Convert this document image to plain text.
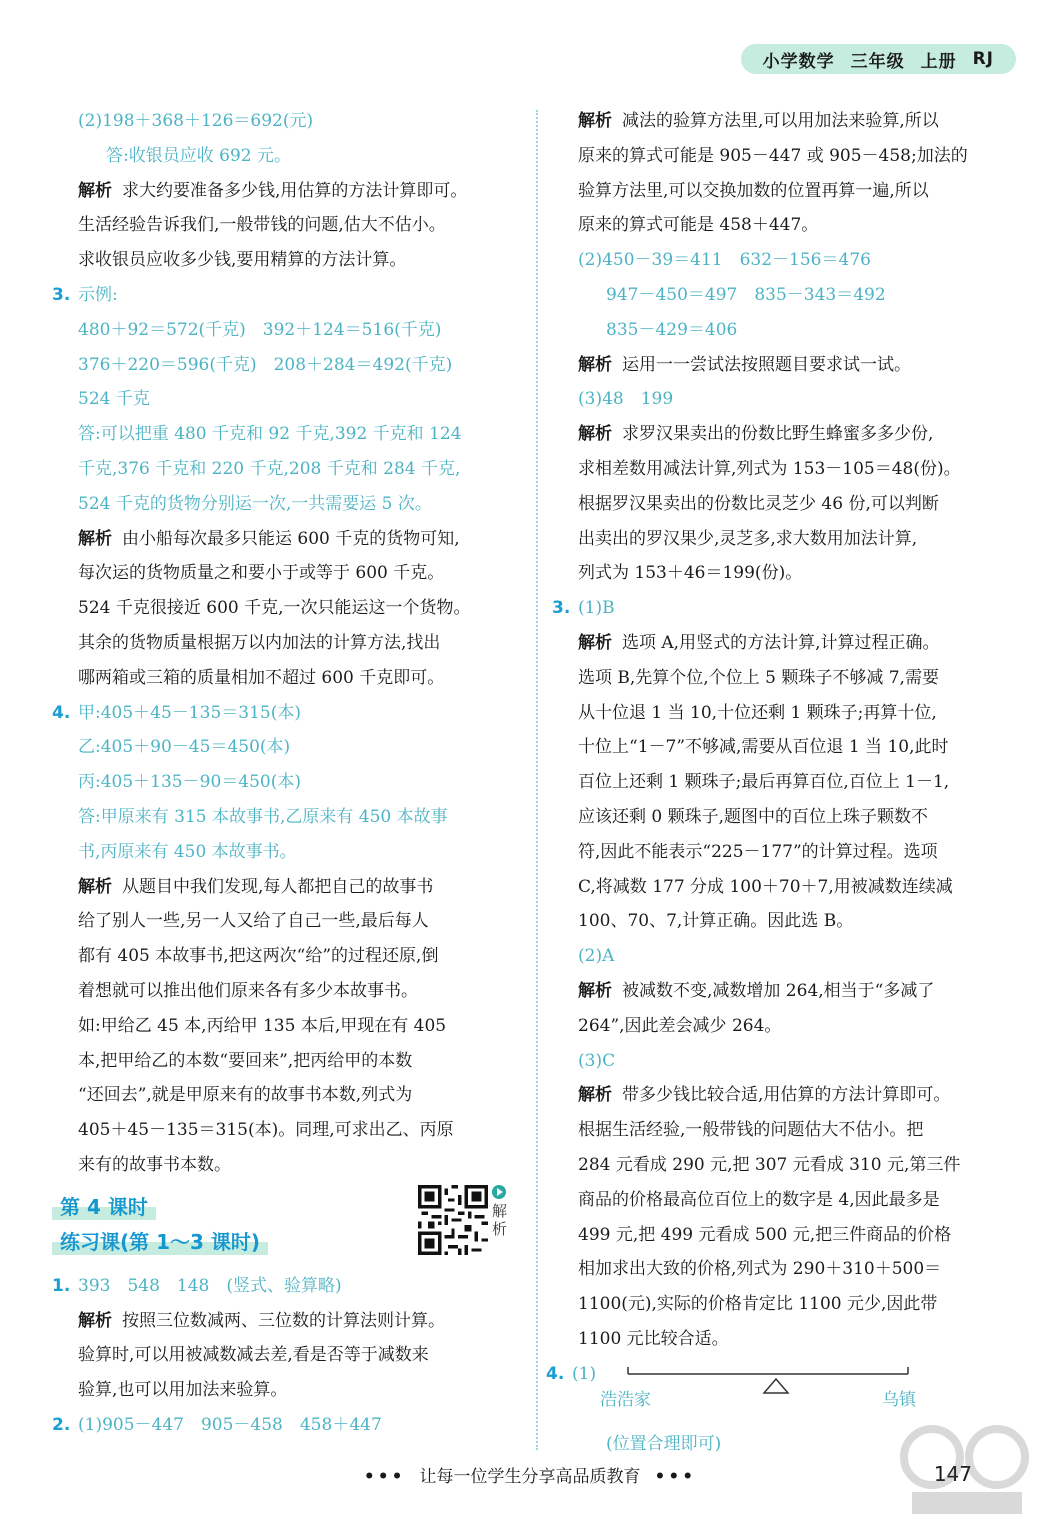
小学数学 三年级 上册 RJ
(2)198＋368＋126＝692(元)
答:收银员应收 692 元。
解析 求大约要准备多少钱,用估算的方法计算即可。
生活经验告诉我们,一般带钱的问题,估大不估小。
求收银员应收多少钱,要用精算的方法计算。
3. 示例:
480＋92＝572(千克)　392＋124＝516(千克)
376＋220＝596(千克)　208＋284＝492(千克)
524 千克
答:可以把重 480 千克和 92 千克,392 千克和 124
千克,376 千克和 220 千克,208 千克和 284 千克,
524 千克的货物分别运一次,一共需要运 5 次。
解析 由小船每次最多只能运 600 千克的货物可知,
每次运的货物质量之和要小于或等于 600 千克。
524 千克很接近 600 千克,一次只能运这一个货物。
其余的货物质量根据万以内加法的计算方法,找出
哪两箱或三箱的质量相加不超过 600 千克即可。
4. 甲:405＋45－135＝315(本)
乙:405＋90－45＝450(本)
丙:405＋135－90＝450(本)
答:甲原来有 315 本故事书,乙原来有 450 本故事
书,丙原来有 450 本故事书。
解析 从题目中我们发现,每人都把自己的故事书
给了别人一些,另一人又给了自己一些,最后每人
都有 405 本故事书,把这两次“给”的过程还原,倒
着想就可以推出他们原来各有多少本故事书。
如:甲给乙 45 本,丙给甲 135 本后,甲现在有 405
本,把甲给乙的本数“要回来”,把丙给甲的本数
“还回去”,就是甲原来有的故事书本数,列式为
405＋45－135＝315(本)。同理,可求出乙、丙原
来有的故事书本数。
第 4 课时
练习课(第 1～3 课时)
解析
1. 393　548　148　(竖式、验算略)
解析 按照三位数减两、三位数的计算法则计算。
验算时,可以用被减数减去差,看是否等于减数来
验算,也可以用加法来验算。
2. (1)905－447　905－458　458＋447
解析 减法的验算方法里,可以用加法来验算,所以
原来的算式可能是 905－447 或 905－458;加法的
验算方法里,可以交换加数的位置再算一遍,所以
原来的算式可能是 458＋447。
(2)450－39＝411　632－156＝476
947－450＝497　835－343＝492
835－429＝406
解析 运用一一尝试法按照题目要求试一试。
(3)48　199
解析 求罗汉果卖出的份数比野生蜂蜜多多少份,
求相差数用减法计算,列式为 153－105＝48(份)。
根据罗汉果卖出的份数比灵芝少 46 份,可以判断
出卖出的罗汉果少,灵芝多,求大数用加法计算,
列式为 153＋46＝199(份)。
3. (1)B
解析 选项 A,用竖式的方法计算,计算过程正确。
选项 B,先算个位,个位上 5 颗珠子不够减 7,需要
从十位退 1 当 10,十位还剩 1 颗珠子;再算十位,
十位上“1－7”不够减,需要从百位退 1 当 10,此时
百位上还剩 1 颗珠子;最后再算百位,百位上 1－1,
应该还剩 0 颗珠子,题图中的百位上珠子颗数不
符,因此不能表示“225－177”的计算过程。选项
C,将减数 177 分成 100＋70＋7,用被减数连续减
100、70、7,计算正确。因此选 B。
(2)A
解析 被减数不变,减数增加 264,相当于“多减了
264”,因此差会减少 264。
(3)C
解析 带多少钱比较合适,用估算的方法计算即可。
根据生活经验,一般带钱的问题估大不估小。把
284 元看成 290 元,把 307 元看成 310 元,第三件
商品的价格最高位百位上的数字是 4,因此最多是
499 元,把 499 元看成 500 元,把三件商品的价格
相加求出大致的价格,列式为 290＋310＋500＝
1100(元),实际的价格肯定比 1100 元少,因此带
1100 元比较合适。
4. (1)
浩浩家	乌镇
(位置合理即可)
••• 让每一位学生分享高品质教育 •••	147
